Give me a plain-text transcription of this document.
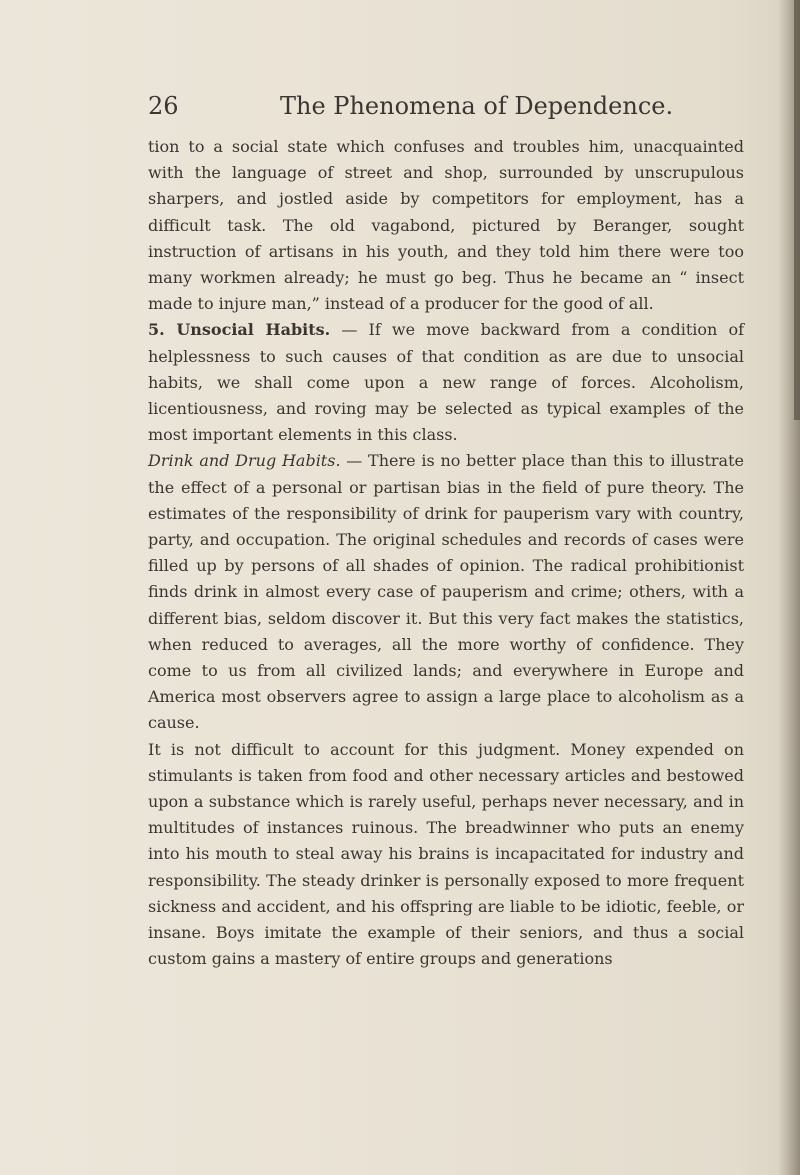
26	The Phenomena of Dependence.

tion to a social state which confuses and troubles him, unacquainted with the language of street and shop, surrounded by unscrupulous sharpers, and jostled aside by competitors for employment, has a difficult task. The old vagabond, pictured by Beranger, sought instruction of artisans in his youth, and they told him there were too many workmen already; he must go beg. Thus he became an “ insect made to injure man,” instead of a producer for the good of all.

5. Unsocial Habits. — If we move backward from a condition of helplessness to such causes of that condition as are due to unsocial habits, we shall come upon a new range of forces. Alcoholism, licentiousness, and roving may be selected as typical examples of the most important elements in this class.

Drink and Drug Habits. — There is no better place than this to illustrate the effect of a personal or partisan bias in the field of pure theory. The estimates of the responsibility of drink for pauperism vary with country, party, and occupation. The original schedules and records of cases were filled up by persons of all shades of opinion. The radical prohibitionist finds drink in almost every case of pauperism and crime; others, with a different bias, seldom discover it. But this very fact makes the statistics, when reduced to averages, all the more worthy of confidence. They come to us from all civilized lands; and everywhere in Europe and America most observers agree to assign a large place to alcoholism as a cause.

It is not difficult to account for this judgment. Money expended on stimulants is taken from food and other necessary articles and bestowed upon a substance which is rarely useful, perhaps never necessary, and in multitudes of instances ruinous. The breadwinner who puts an enemy into his mouth to steal away his brains is incapacitated for industry and responsibility. The steady drinker is personally exposed to more frequent sickness and accident, and his offspring are liable to be idiotic, feeble, or insane. Boys imitate the example of their seniors, and thus a social custom gains a mastery of entire groups and generations
